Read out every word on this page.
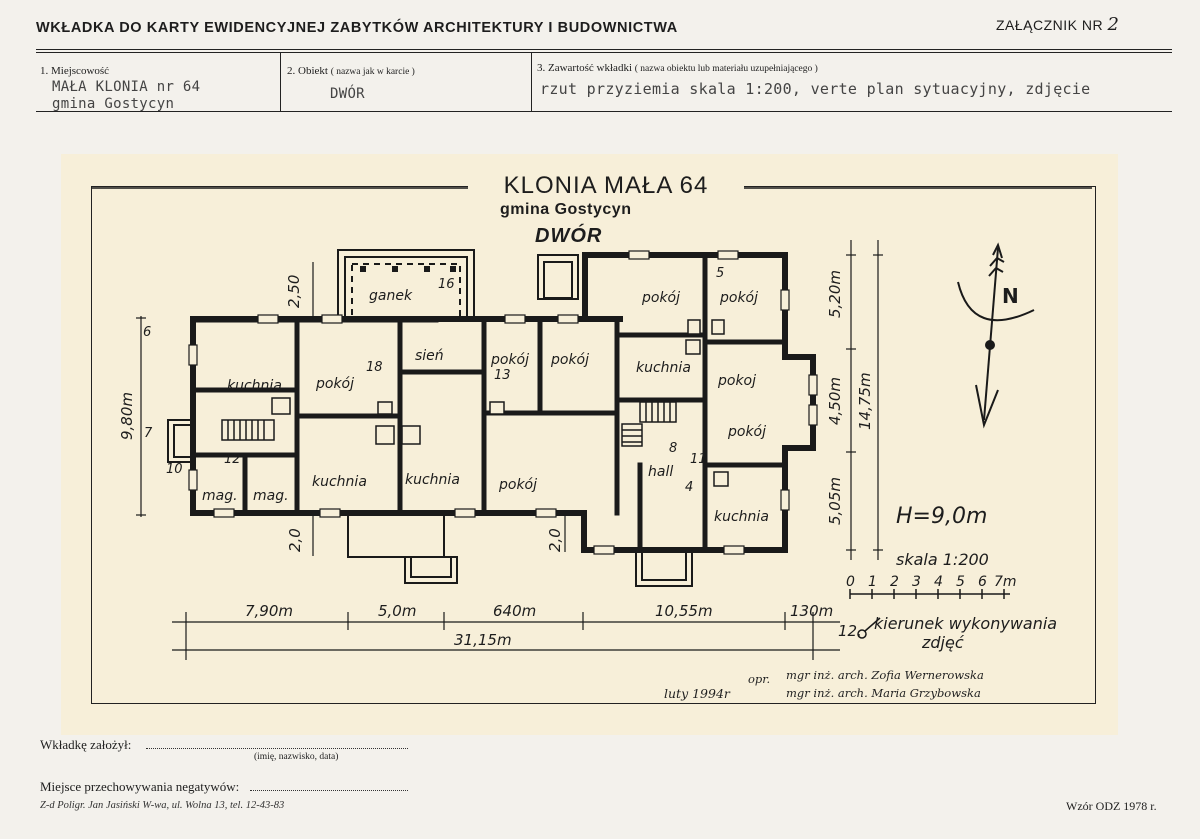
WKŁADKA DO KARTY EWIDENCYJNEJ ZABYTKÓW ARCHITEKTURY I BUDOWNICTWA	ZAŁĄCZNIK NR 2
1. Miejscowość
MAŁA KLONIA nr 64
gmina Gostycyn
2. Obiekt ( nazwa jak w karcie )
DWÓR
3. Zawartość wkładki ( nazwa obiektu lub materiału uzupełniającego )
rzut przyziemia skala 1:200, verte plan sytuacyjny, zdjęcie
KLONIA MAŁA 64
gmina Gostycyn
DWÓR
ganek
sień
kuchnia pokój
pokój pokój
pokój	pokój
kuchnia
pokoj
pokój
hall
kuchnia
kuchnia	kuchnia	pokój
mag. mag.
16
18
13
6
7
10
12
5
8
11
4
9,80m
2,50
2,0	2,0
5,20m
4,50m
5,05m
14,75m
7,90m	5,0m	640m	10,55m	130m
31,15m
H=9,0m
skala 1:200
0 1 2 3 4 5 6 7m
N
12. kierunek wykonywania
zdjęć
luty 1994r
opr. mgr inż. arch. Zofia Wernerowska
mgr inż. arch. Maria Grzybowska
Wkładkę założył:
(imię, nazwisko, data)
Miejsce przechowywania negatywów:
Z-d Poligr. Jan Jasiński W-wa, ul. Wolna 13, tel. 12-43-83	Wzór ODZ 1978 r.
